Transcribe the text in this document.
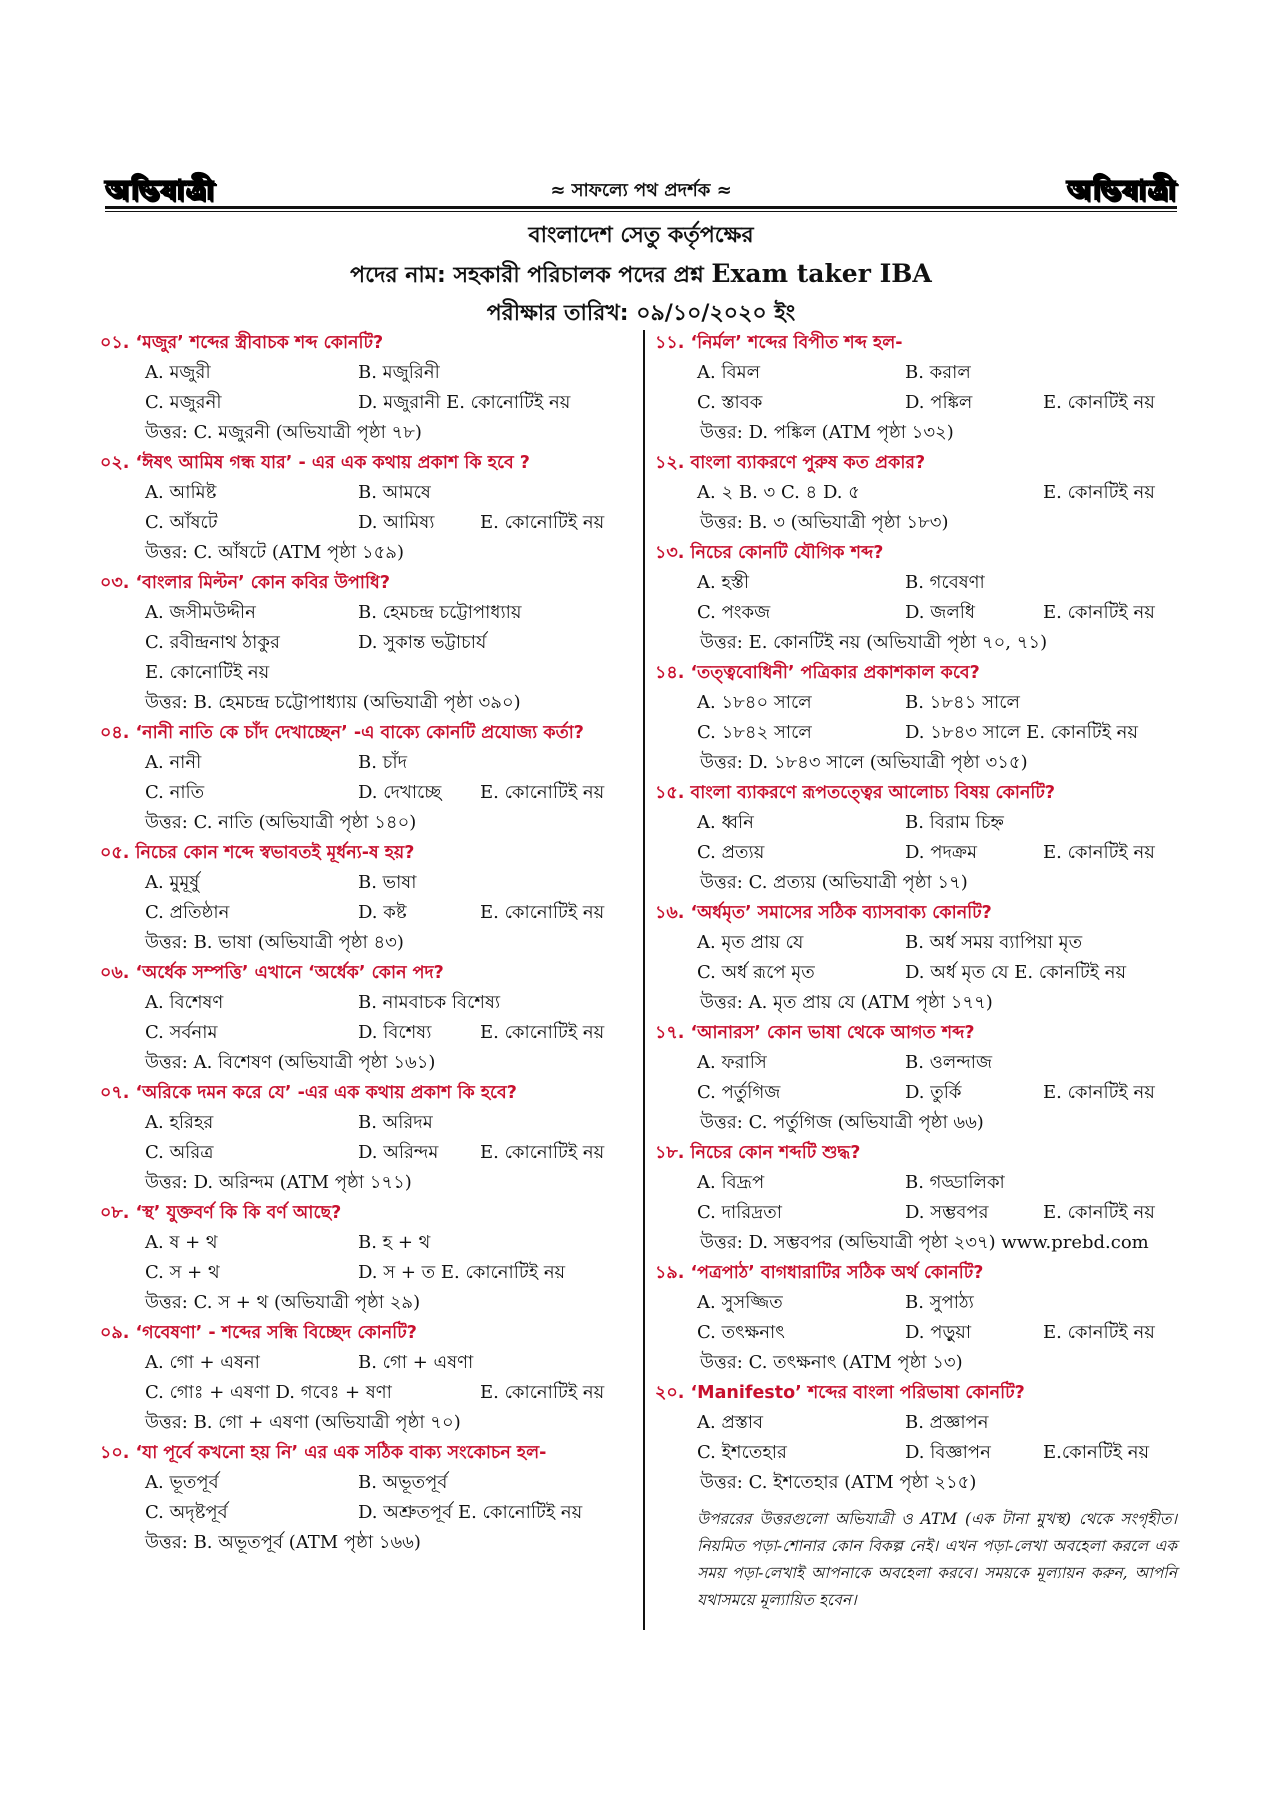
অভিযাত্রী	≈ সাফল্যে পথ প্রদর্শক ≈	অভিযাত্রী
বাংলাদেশ সেতু কর্তৃপক্ষের
পদের নাম: সহকারী পরিচালক পদের প্রশ্ন Exam taker IBA
পরীক্ষার তারিখ: ০৯/১০/২০২০ ইং
০১. ‘মজুর’ শব্দের স্ত্রীবাচক শব্দ কোনটি?
A. মজুরী	B. মজুরিনী
C. মজুরনী	D. মজুরানী E. কোনোটিই নয়
উত্তর: C. মজুরনী (অভিযাত্রী পৃষ্ঠা ৭৮)
০২. ‘ঈষৎ আমিষ গন্ধ যার’ - এর এক কথায় প্রকাশ কি হবে ?
A. আমিষ্ট	B. আমষে
C. আঁষটে	D. আমিষ্য	E. কোনোটিই নয়
উত্তর: C. আঁষটে (ATM পৃষ্ঠা ১৫৯)
০৩. ‘বাংলার মিল্টন’ কোন কবির উপাধি?
A. জসীমউদ্দীন	B. হেমচন্দ্র চট্টোপাধ্যায়
C. রবীন্দ্রনাথ ঠাকুর	D. সুকান্ত ভট্টাচার্য
E. কোনোটিই নয়
উত্তর: B. হেমচন্দ্র চট্টোপাধ্যায় (অভিযাত্রী পৃষ্ঠা ৩৯০)
০৪. ‘নানী নাতি কে চাঁদ দেখাচ্ছেন’ -এ বাক্যে কোনটি প্রযোজ্য কর্তা?
A. নানী	B. চাঁদ
C. নাতি	D. দেখাচ্ছে E. কোনোটিই নয়
উত্তর: C. নাতি (অভিযাত্রী পৃষ্ঠা ১৪০)
০৫. নিচের কোন শব্দে স্বভাবতই মূর্ধন্য-ষ হয়?
A. মুমূর্ষু	B. ভাষা
C. প্রতিষ্ঠান	D. কষ্ট	E. কোনোটিই নয়
উত্তর: B. ভাষা (অভিযাত্রী পৃষ্ঠা ৪৩)
০৬. ‘অর্ধেক সম্পত্তি’ এখানে ‘অর্ধেক’ কোন পদ?
A. বিশেষণ	B. নামবাচক বিশেষ্য
C. সর্বনাম	D. বিশেষ্য	E. কোনোটিই নয়
উত্তর: A. বিশেষণ (অভিযাত্রী পৃষ্ঠা ১৬১)
০৭. ‘অরিকে দমন করে যে’ -এর এক কথায় প্রকাশ কি হবে?
A. হরিহর	B. অরিদম
C. অরিত্র	D. অরিন্দম E. কোনোটিই নয়
উত্তর: D. অরিন্দম (ATM পৃষ্ঠা ১৭১)
০৮. ‘স্থ’ যুক্তবর্ণ কি কি বর্ণ আছে?
A. ষ + থ	B. হ + থ
C. স + থ	D. স + ত E. কোনোটিই নয়
উত্তর: C. স + থ (অভিযাত্রী পৃষ্ঠা ২৯)
০৯. ‘গবেষণা’ - শব্দের সন্ধি বিচ্ছেদ কোনটি?
A. গো + এষনা	B. গো + এষণা
C. গোঃ + এষণা D. গবেঃ + ষণা	E. কোনোটিই নয়
উত্তর: B. গো + এষণা (অভিযাত্রী পৃষ্ঠা ৭০)
১০. ‘যা পূর্বে কখনো হয় নি’ এর এক সঠিক বাক্য সংকোচন হল-
A. ভূতপূর্ব	B. অভূতপূর্ব
C. অদৃষ্টপূর্ব	D. অশ্রুতপূর্ব E. কোনোটিই নয়
উত্তর: B. অভূতপূর্ব (ATM পৃষ্ঠা ১৬৬)
১১. ‘নির্মল’ শব্দের বিপীত শব্দ হল-
A. বিমল	B. করাল
C. স্তাবক	D. পঙ্কিল	E. কোনটিই নয়
উত্তর: D. পঙ্কিল (ATM পৃষ্ঠা ১৩২)
১২. বাংলা ব্যাকরণে পুরুষ কত প্রকার?
A. ২ B. ৩ C. ৪ D. ৫	E. কোনটিই নয়
উত্তর: B. ৩ (অভিযাত্রী পৃষ্ঠা ১৮৩)
১৩. নিচের কোনটি যৌগিক শব্দ?
A. হস্তী	B. গবেষণা
C. পংকজ	D. জলধি	E. কোনটিই নয়
উত্তর: E. কোনটিই নয় (অভিযাত্রী পৃষ্ঠা ৭০, ৭১)
১৪. ‘তত্ত্ববোধিনী’ পত্রিকার প্রকাশকাল কবে?
A. ১৮৪০ সালে	B. ১৮৪১ সালে
C. ১৮৪২ সালে	D. ১৮৪৩ সালে E. কোনটিই নয়
উত্তর: D. ১৮৪৩ সালে (অভিযাত্রী পৃষ্ঠা ৩১৫)
১৫. বাংলা ব্যাকরণে রূপতত্ত্বের আলোচ্য বিষয় কোনটি?
A. ধ্বনি	B. বিরাম চিহ্ন
C. প্রত্যয়	D. পদক্রম	E. কোনটিই নয়
উত্তর: C. প্রত্যয় (অভিযাত্রী পৃষ্ঠা ১৭)
১৬. ‘অর্ধমৃত’ সমাসের সঠিক ব্যাসবাক্য কোনটি?
A. মৃত প্রায় যে	B. অর্ধ সময় ব্যাপিয়া মৃত
C. অর্ধ রূপে মৃত	D. অর্ধ মৃত যে E. কোনটিই নয়
উত্তর: A. মৃত প্রায় যে (ATM পৃষ্ঠা ১৭৭)
১৭. ‘আনারস’ কোন ভাষা থেকে আগত শব্দ?
A. ফরাসি	B. ওলন্দাজ
C. পর্তুগিজ	D. তুর্কি	E. কোনটিই নয়
উত্তর: C. পর্তুগিজ (অভিযাত্রী পৃষ্ঠা ৬৬)
১৮. নিচের কোন শব্দটি শুদ্ধ?
A. বিদ্রূপ	B. গড্ডালিকা
C. দারিদ্রতা	D. সম্ভবপর	E. কোনটিই নয়
উত্তর: D. সম্ভবপর (অভিযাত্রী পৃষ্ঠা ২৩৭) www.prebd.com
১৯. ‘পত্রপাঠ’ বাগধারাটির সঠিক অর্থ কোনটি?
A. সুসজ্জিত	B. সুপাঠ্য
C. তৎক্ষনাৎ	D. পড়ুয়া	E. কোনটিই নয়
উত্তর: C. তৎক্ষনাৎ (ATM পৃষ্ঠা ১৩)
২০. ‘Manifesto’ শব্দের বাংলা পরিভাষা কোনটি?
A. প্রস্তাব	B. প্রজ্ঞাপন
C. ইশতেহার	D. বিজ্ঞাপন	E.কোনটিই নয়
উত্তর: C. ইশতেহার (ATM পৃষ্ঠা ২১৫)
উপররের উত্তরগুলো অভিযাত্রী ও ATM (এক টানা মুখস্থ) থেকে সংগৃহীত। নিয়মিত পড়া-শোনার কোন বিকল্প নেই। এখন পড়া-লেখা অবহেলা করলে এক সময় পড়া-লেখাই আপনাকে অবহেলা করবে। সময়কে মূল্যায়ন করুন, আপনি যথাসময়ে মূল্যায়িত হবেন।
